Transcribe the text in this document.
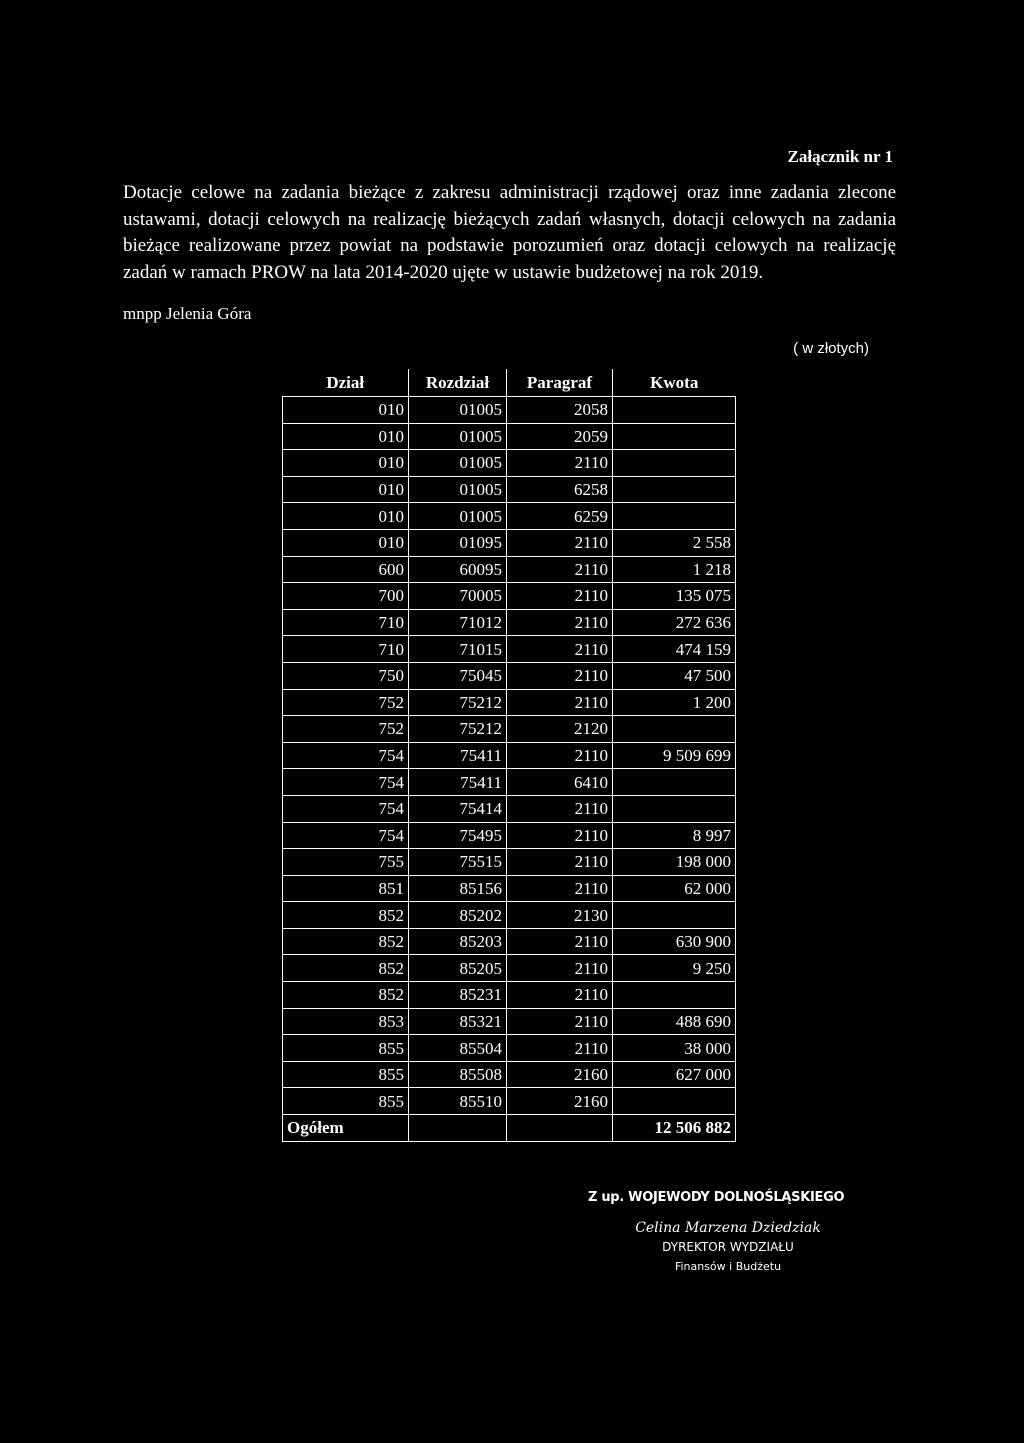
Załącznik nr 1
Dotacje celowe na zadania bieżące z zakresu administracji rządowej oraz inne zadania zlecone ustawami, dotacji celowych na realizację bieżących zadań własnych, dotacji celowych na zadania bieżące realizowane przez powiat na podstawie porozumień oraz dotacji celowych na realizację zadań w ramach PROW na lata 2014-2020 ujęte w ustawie budżetowej na rok 2019.
mnpp Jelenia Góra
( w złotych)
Dział	Rozdział	Paragraf	Kwota
010	01005	2058	
010	01005	2059	
010	01005	2110	
010	01005	6258	
010	01005	6259	
010	01095	2110	2 558
600	60095	2110	1 218
700	70005	2110	135 075
710	71012	2110	272 636
710	71015	2110	474 159
750	75045	2110	47 500
752	75212	2110	1 200
752	75212	2120	
754	75411	2110	9 509 699
754	75411	6410	
754	75414	2110	
754	75495	2110	8 997
755	75515	2110	198 000
851	85156	2110	62 000
852	85202	2130	
852	85203	2110	630 900
852	85205	2110	9 250
852	85231	2110	
853	85321	2110	488 690
855	85504	2110	38 000
855	85508	2160	627 000
855	85510	2160	
Ogółem			12 506 882
Z up. WOJEWODY DOLNOŚLĄSKIEGO
Celina Marzena Dziedziak
DYREKTOR WYDZIAŁU
Finansów i Budżetu
